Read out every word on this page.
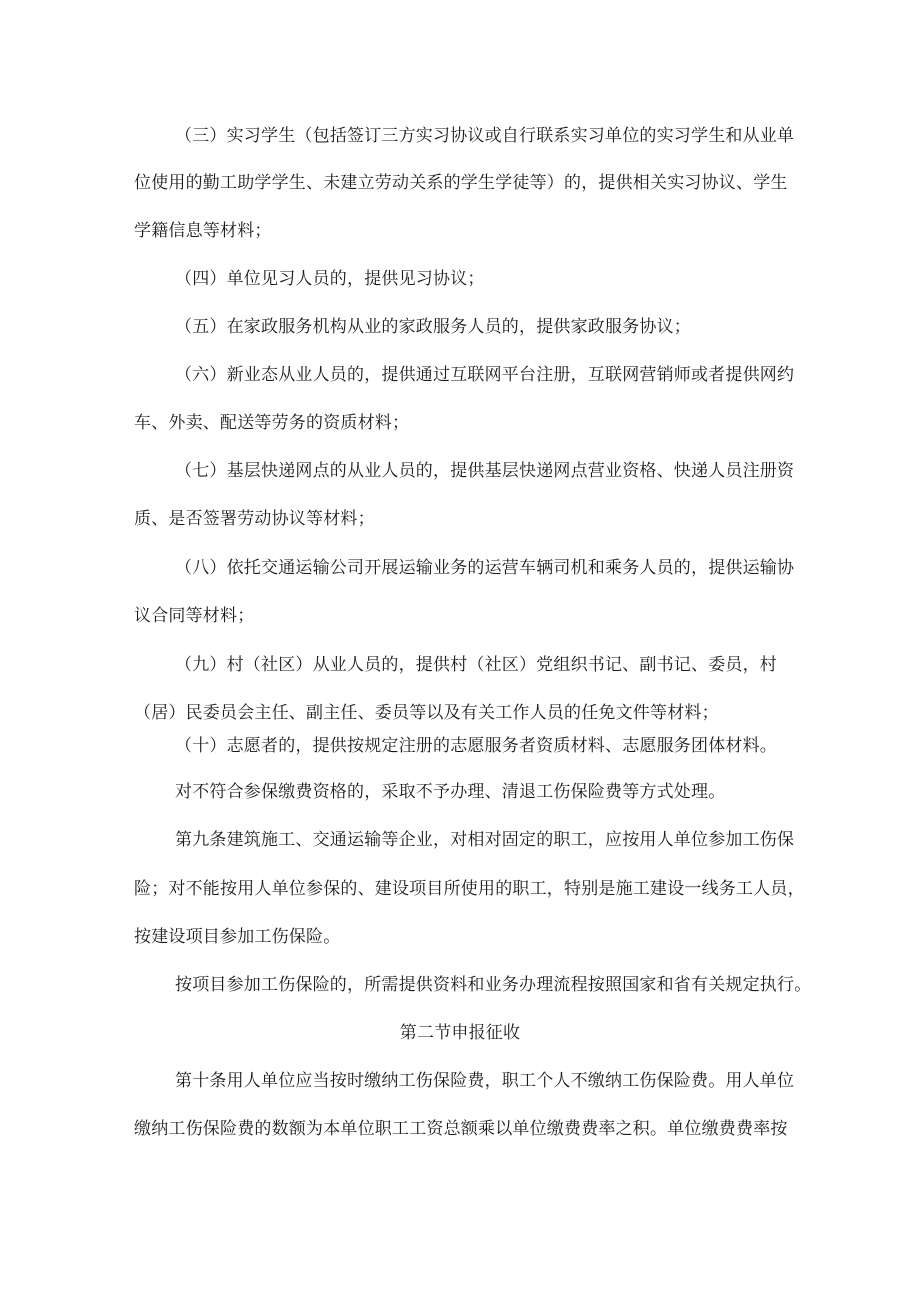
（三）实习学生（包括签订三方实习协议或自行联系实习单位的实习学生和从业单
位使用的勤工助学学生、未建立劳动关系的学生学徒等）的，提供相关实习协议、学生
学籍信息等材料；
（四）单位见习人员的，提供见习协议；
（五）在家政服务机构从业的家政服务人员的，提供家政服务协议；
（六）新业态从业人员的，提供通过互联网平台注册，互联网营销师或者提供网约
车、外卖、配送等劳务的资质材料；
（七）基层快递网点的从业人员的，提供基层快递网点营业资格、快递人员注册资
质、是否签署劳动协议等材料；
（八）依托交通运输公司开展运输业务的运营车辆司机和乘务人员的，提供运输协
议合同等材料；
（九）村（社区）从业人员的，提供村（社区）党组织书记、副书记、委员，村
（居）民委员会主任、副主任、委员等以及有关工作人员的任免文件等材料；
（十）志愿者的，提供按规定注册的志愿服务者资质材料、志愿服务团体材料。
对不符合参保缴费资格的，采取不予办理、清退工伤保险费等方式处理。
第九条建筑施工、交通运输等企业，对相对固定的职工，应按用人单位参加工伤保
险；对不能按用人单位参保的、建设项目所使用的职工，特别是施工建设一线务工人员，
按建设项目参加工伤保险。
按项目参加工伤保险的，所需提供资料和业务办理流程按照国家和省有关规定执行。
第二节申报征收
第十条用人单位应当按时缴纳工伤保险费，职工个人不缴纳工伤保险费。用人单位
缴纳工伤保险费的数额为本单位职工工资总额乘以单位缴费费率之积。单位缴费费率按
